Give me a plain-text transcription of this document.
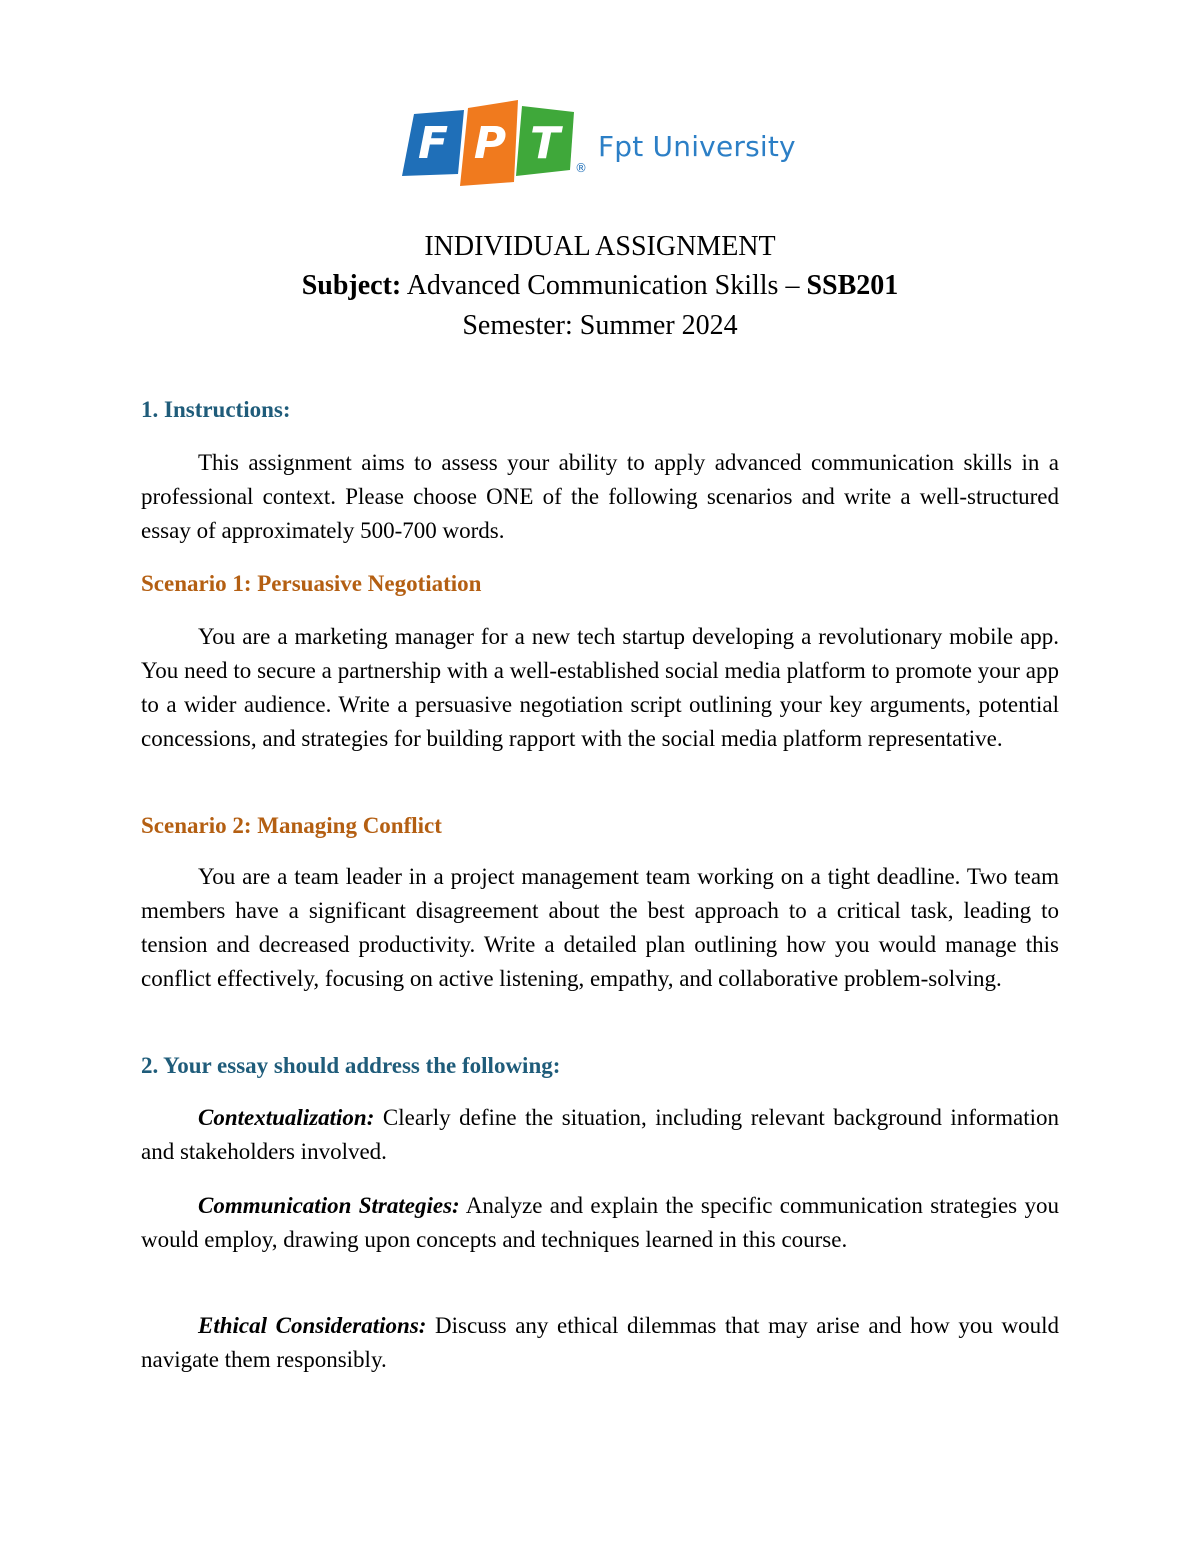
F P T ®
Fpt University
INDIVIDUAL ASSIGNMENT
Subject: Advanced Communication Skills – SSB201
Semester: Summer 2024

1. Instructions:

This assignment aims to assess your ability to apply advanced communication skills in a professional context. Please choose ONE of the following scenarios and write a well-structured essay of approximately 500-700 words.

Scenario 1: Persuasive Negotiation

You are a marketing manager for a new tech startup developing a revolutionary mobile app. You need to secure a partnership with a well-established social media platform to promote your app to a wider audience. Write a persuasive negotiation script outlining your key arguments, potential concessions, and strategies for building rapport with the social media platform representative.

Scenario 2: Managing Conflict

You are a team leader in a project management team working on a tight deadline. Two team members have a significant disagreement about the best approach to a critical task, leading to tension and decreased productivity. Write a detailed plan outlining how you would manage this conflict effectively, focusing on active listening, empathy, and collaborative problem-solving.

2. Your essay should address the following:

Contextualization: Clearly define the situation, including relevant background information and stakeholders involved.

Communication Strategies: Analyze and explain the specific communication strategies you would employ, drawing upon concepts and techniques learned in this course.

Ethical Considerations: Discuss any ethical dilemmas that may arise and how you would navigate them responsibly.
